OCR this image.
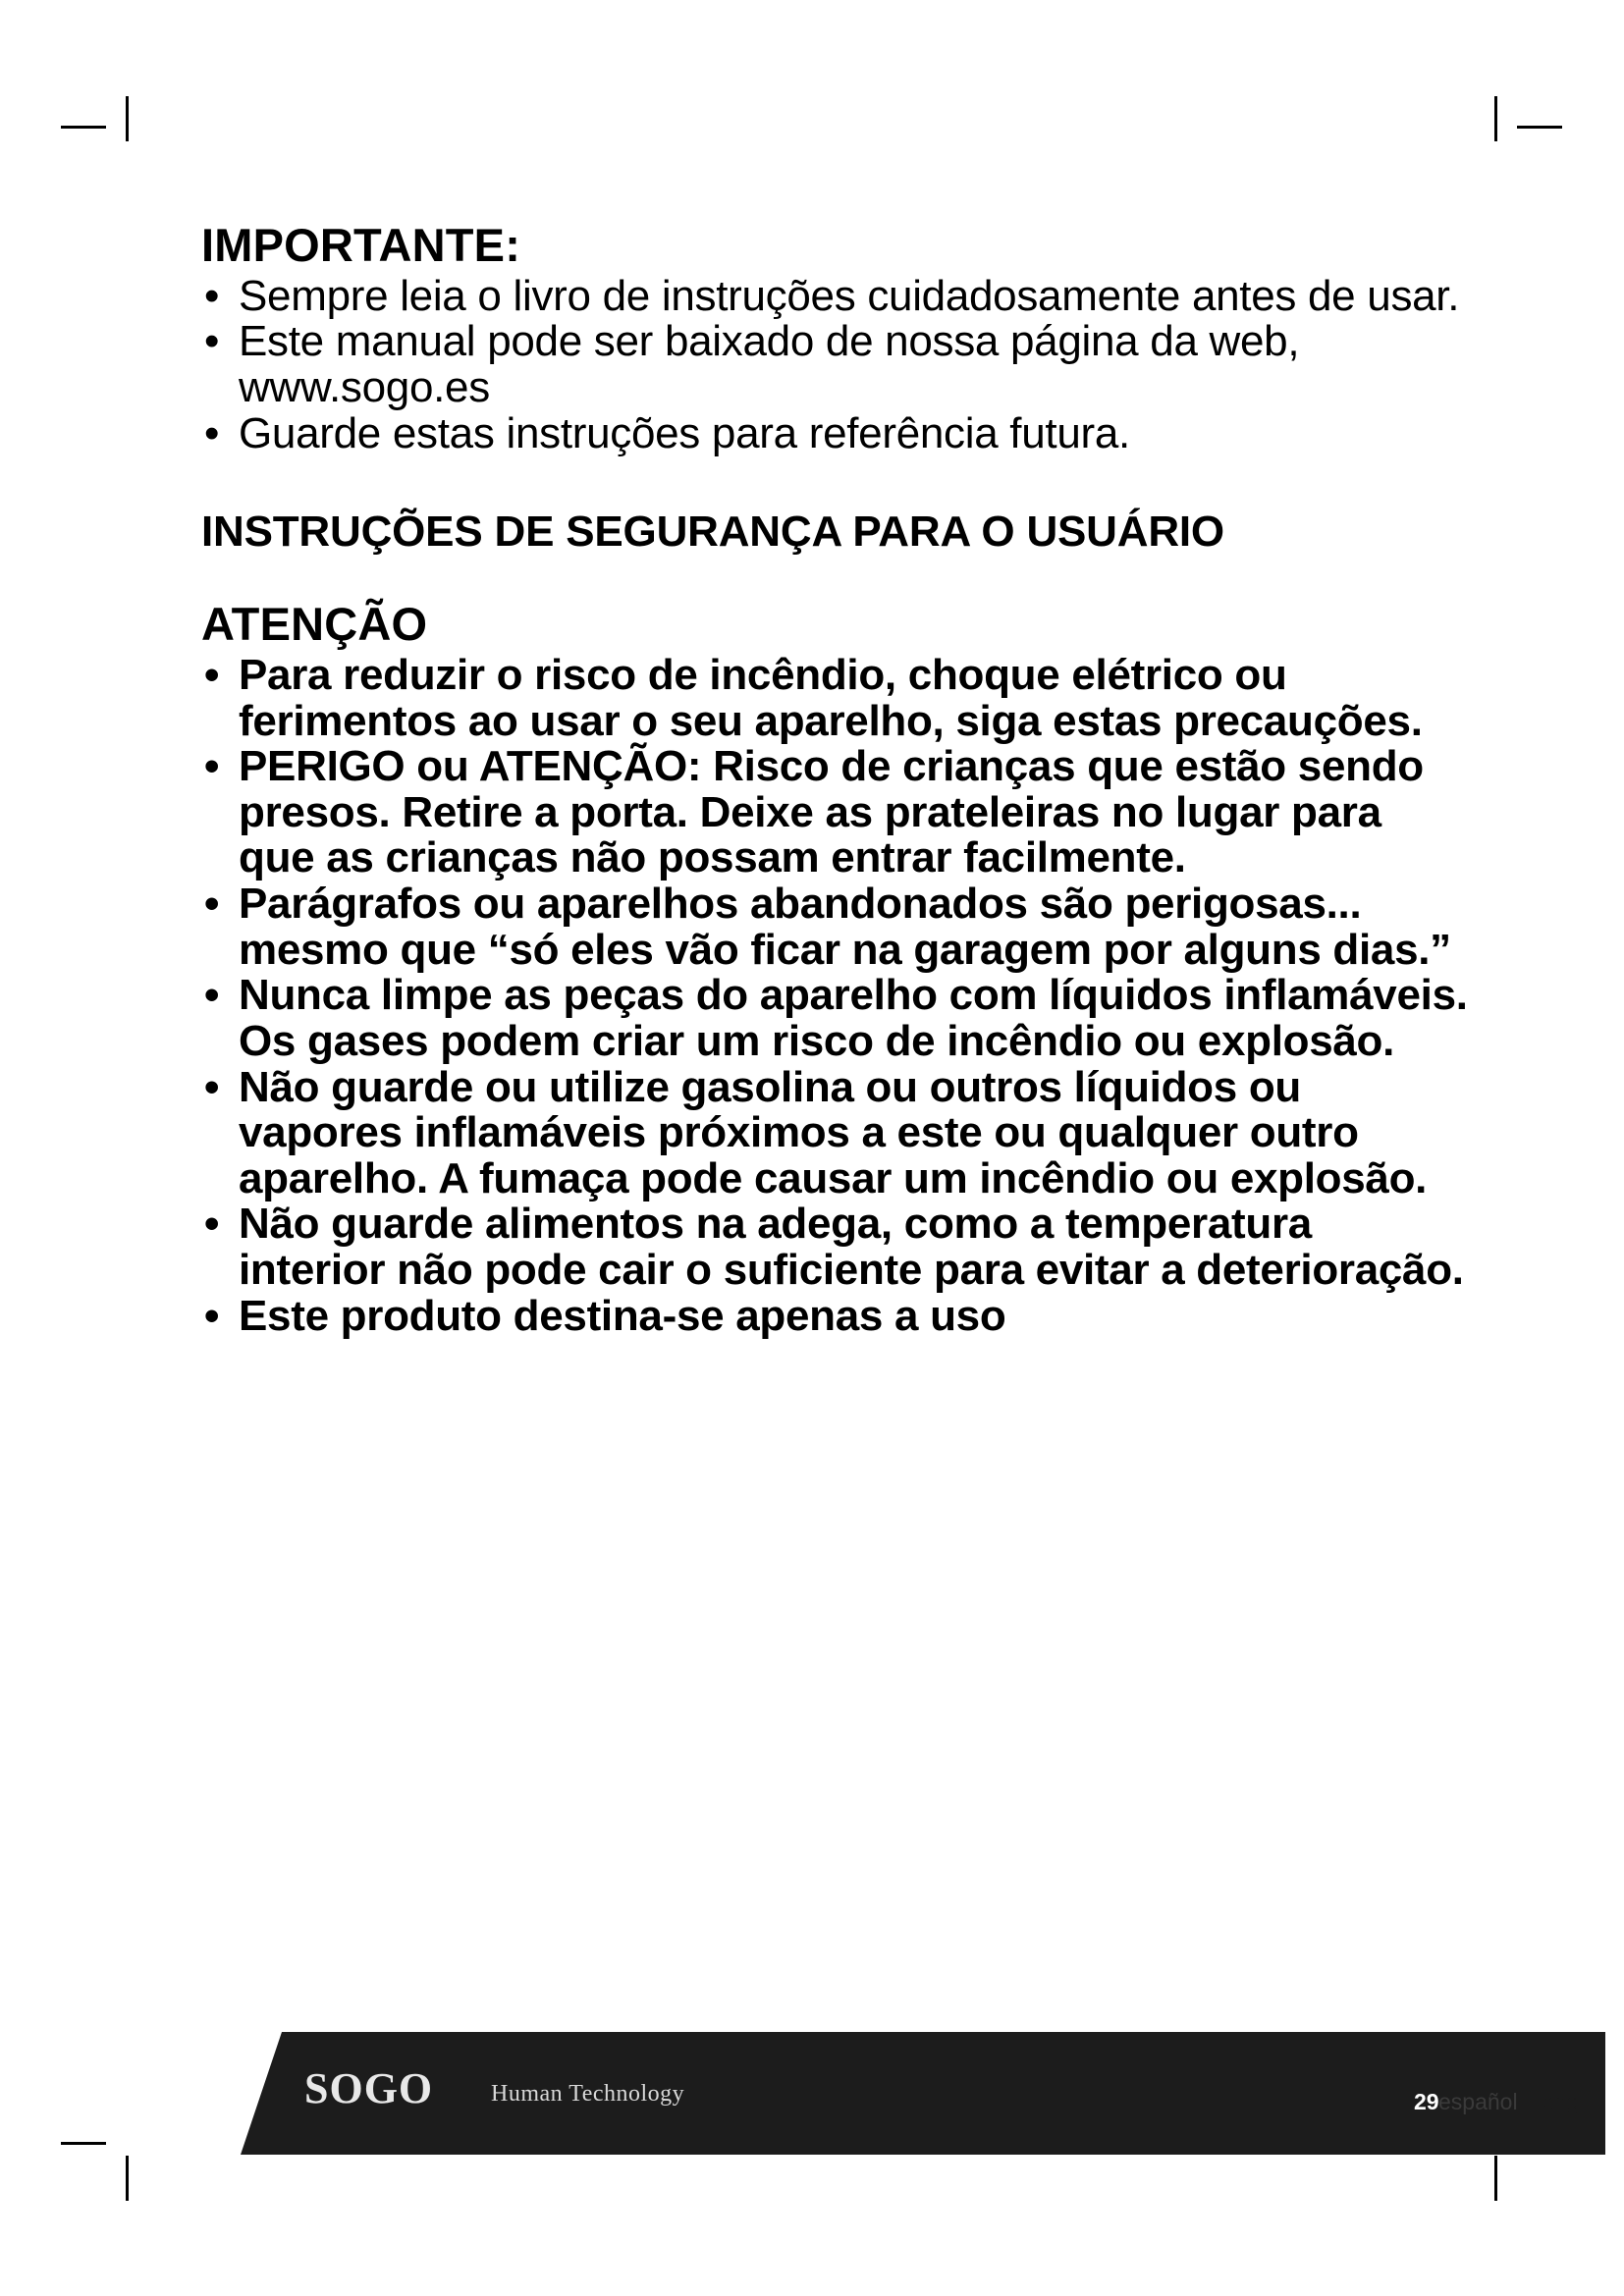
IMPORTANTE:
• Sempre leia o livro de instruções cuidadosamente antes de usar.
• Este manual pode ser baixado de nossa página da web, www.sogo.es
• Guarde estas instruções para referência futura.
INSTRUÇÕES DE SEGURANÇA PARA O USUÁRIO
ATENÇÃO
• Para reduzir o risco de incêndio, choque elétrico ou ferimentos ao usar o seu aparelho, siga estas precauções.
• PERIGO ou ATENÇÃO: Risco de crianças que estão sendo presos. Retire a porta. Deixe as prateleiras no lugar para que as crianças não possam entrar facilmente.
• Parágrafos ou aparelhos abandonados são perigosas... mesmo que “só eles vão ficar na garagem por alguns dias.”
• Nunca limpe as peças do aparelho com líquidos inflamáveis. Os gases podem criar um risco de incêndio ou explosão.
• Não guarde ou utilize gasolina ou outros líquidos ou vapores inflamáveis próximos a este ou qualquer outro aparelho. A fumaça pode causar um incêndio ou explosão.
• Não guarde alimentos na adega, como a temperatura interior não pode cair o suficiente para evitar a deterioração.
• Este produto destina-se apenas a uso
SOGO Human Technology	29 español eng
